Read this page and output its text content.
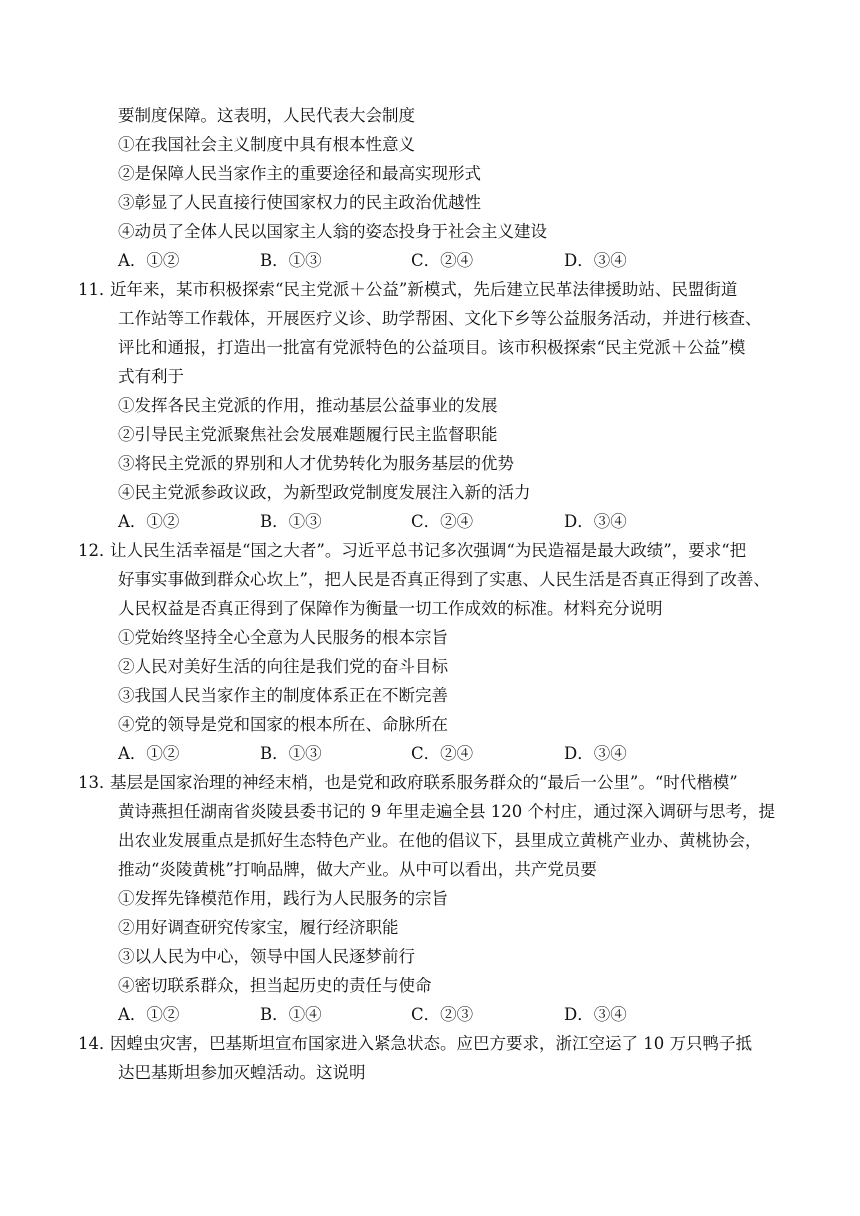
要制度保障。这表明，人民代表大会制度
①在我国社会主义制度中具有根本性意义
②是保障人民当家作主的重要途径和最高实现形式
③彰显了人民直接行使国家权力的民主政治优越性
④动员了全体人民以国家主人翁的姿态投身于社会主义建设
A．①②	B．①③	C．②④	D．③④
11．
近年来，某市积极探索“民主党派＋公益”新模式，先后建立民革法律援助站、民盟街道
工作站等工作载体，开展医疗义诊、助学帮困、文化下乡等公益服务活动，并进行核查、
评比和通报，打造出一批富有党派特色的公益项目。该市积极探索“民主党派＋公益”模
式有利于
①发挥各民主党派的作用，推动基层公益事业的发展
②引导民主党派聚焦社会发展难题履行民主监督职能
③将民主党派的界别和人才优势转化为服务基层的优势
④民主党派参政议政，为新型政党制度发展注入新的活力
A．①②	B．①③	C．②④	D．③④
12．
让人民生活幸福是“国之大者”。习近平总书记多次强调“为民造福是最大政绩”，要求“把
好事实事做到群众心坎上”，把人民是否真正得到了实惠、人民生活是否真正得到了改善、
人民权益是否真正得到了保障作为衡量一切工作成效的标准。材料充分说明
①党始终坚持全心全意为人民服务的根本宗旨
②人民对美好生活的向往是我们党的奋斗目标
③我国人民当家作主的制度体系正在不断完善
④党的领导是党和国家的根本所在、命脉所在
A．①②	B．①③	C．②④	D．③④
13．
基层是国家治理的神经末梢，也是党和政府联系服务群众的“最后一公里”。“时代楷模”
黄诗燕担任湖南省炎陵县委书记的 9 年里走遍全县 120 个村庄，通过深入调研与思考，提
出农业发展重点是抓好生态特色产业。在他的倡议下，县里成立黄桃产业办、黄桃协会，
推动“炎陵黄桃”打响品牌，做大产业。从中可以看出，共产党员要
①发挥先锋模范作用，践行为人民服务的宗旨
②用好调查研究传家宝，履行经济职能
③以人民为中心，领导中国人民逐梦前行
④密切联系群众，担当起历史的责任与使命
A．①②	B．①④	C．②③	D．③④
14．
因蝗虫灾害，巴基斯坦宣布国家进入紧急状态。应巴方要求，浙江空运了 10 万只鸭子抵
达巴基斯坦参加灭蝗活动。这说明
